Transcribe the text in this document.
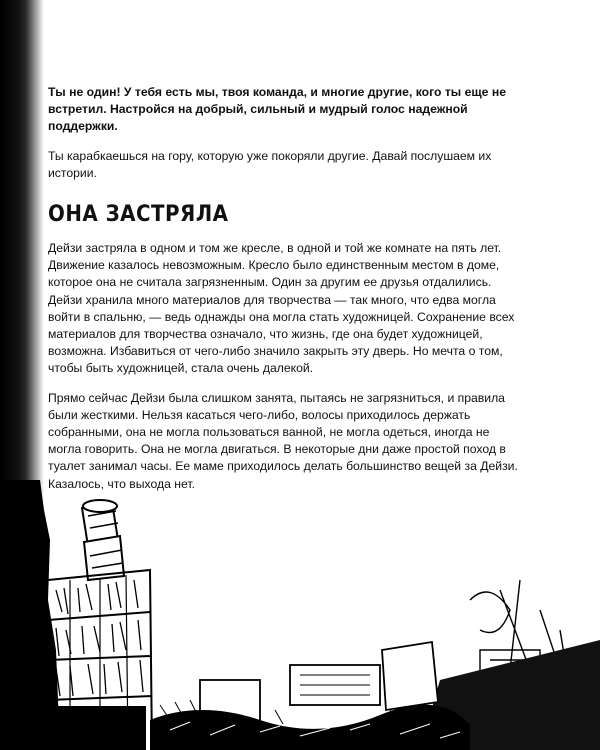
Ты не один! У тебя есть мы, твоя команда, и многие другие, кого ты еще не встретил. Настройся на добрый, сильный и мудрый голос надежной поддержки.

Ты карабкаешься на гору, которую уже покоряли другие. Давай послушаем их истории.

ОНА ЗАСТРЯЛА

Дейзи застряла в одном и том же кресле, в одной и той же комнате на пять лет. Движение казалось невозможным. Кресло было единственным местом в доме, которое она не считала загрязненным. Один за другим ее друзья отдалились. Дейзи хранила много материалов для творчества — так много, что едва могла войти в спальню, — ведь однажды она могла стать художницей. Сохранение всех материалов для творчества означало, что жизнь, где она будет художницей, возможна. Избавиться от чего-либо значило закрыть эту дверь. Но мечта о том, чтобы быть художницей, стала очень далекой.

Прямо сейчас Дейзи была слишком занята, пытаясь не загрязниться, и правила были жесткими. Нельзя касаться чего-либо, волосы приходилось держать собранными, она не могла пользоваться ванной, не могла одеться, иногда не могла говорить. Она не могла двигаться. В некоторые дни даже простой поход в туалет занимал часы. Ее маме приходилось делать большинство вещей за Дейзи. Казалось, что выхода нет.
